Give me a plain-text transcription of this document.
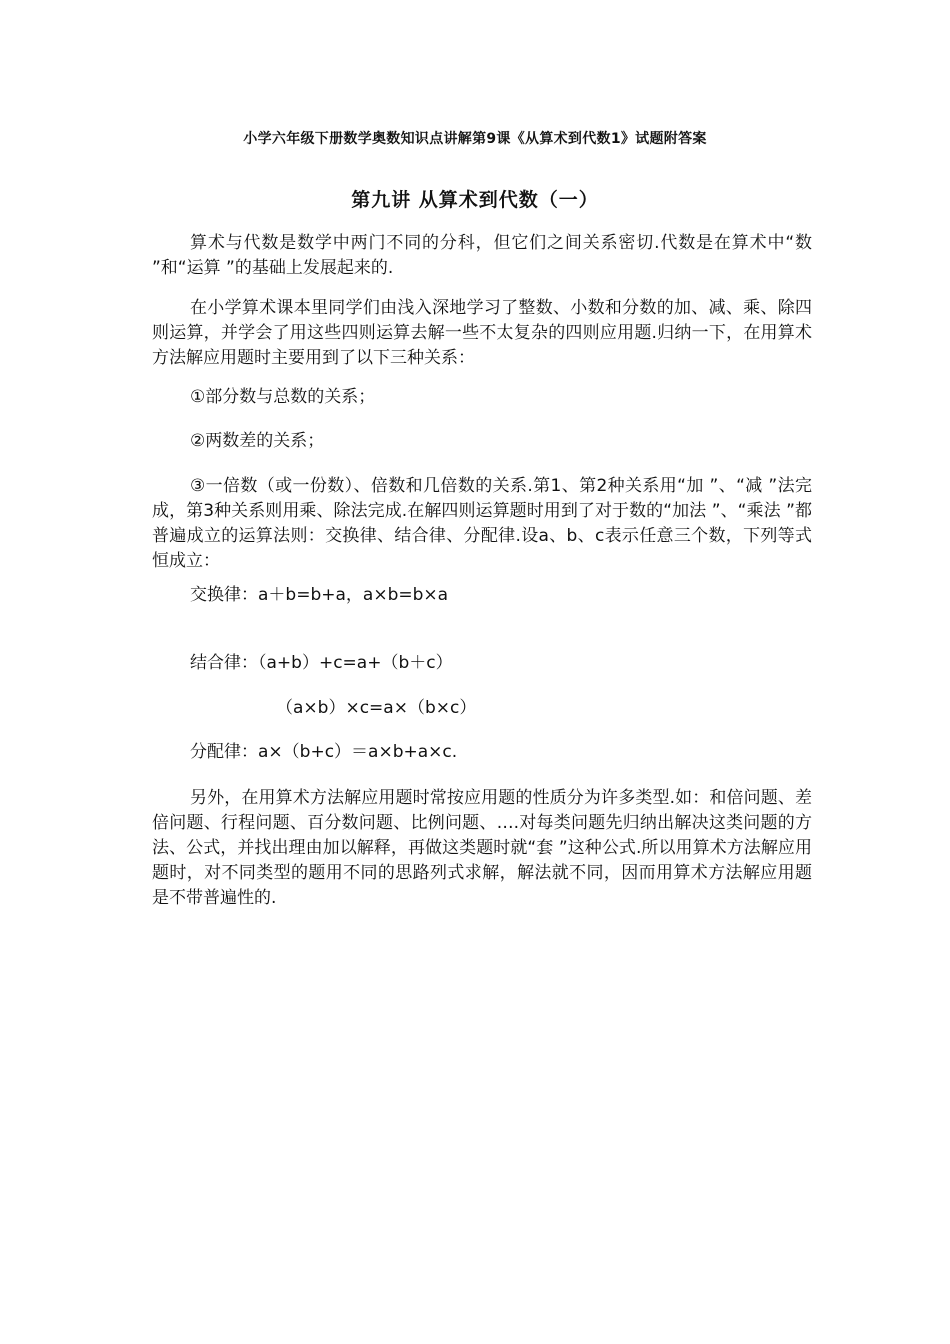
小学六年级下册数学奥数知识点讲解第9课《从算术到代数1》试题附答案
第九讲 从算术到代数（一）

算术与代数是数学中两门不同的分科，但它们之间关系密切.代数是在算术中“数 ”和“运算 ”的基础上发展起来的.

在小学算术课本里同学们由浅入深地学习了整数、小数和分数的加、减、乘、除四则运算，并学会了用这些四则运算去解一些不太复杂的四则应用题.归纳一下，在用算术方法解应用题时主要用到了以下三种关系：

①部分数与总数的关系；

②两数差的关系；

③一倍数（或一份数）、倍数和几倍数的关系.第1、第2种关系用“加 ”、“减 ”法完成，第3种关系则用乘、除法完成.在解四则运算题时用到了对于数的“加法 ”、“乘法 ”都普遍成立的运算法则：交换律、结合律、分配律.设a、b、c表示任意三个数，下列等式恒成立：

交换律：a＋b=b+a，a×b=b×a

结合律：（a+b）+c=a+（b＋c）

（a×b）×c=a×（b×c）

分配律：a×（b+c）＝a×b+a×c.

另外，在用算术方法解应用题时常按应用题的性质分为许多类型.如：和倍问题、差倍问题、行程问题、百分数问题、比例问题、….对每类问题先归纳出解决这类问题的方法、公式，并找出理由加以解释，再做这类题时就“套 ”这种公式.所以用算术方法解应用题时，对不同类型的题用不同的思路列式求解，解法就不同，因而用算术方法解应用题是不带普遍性的.
